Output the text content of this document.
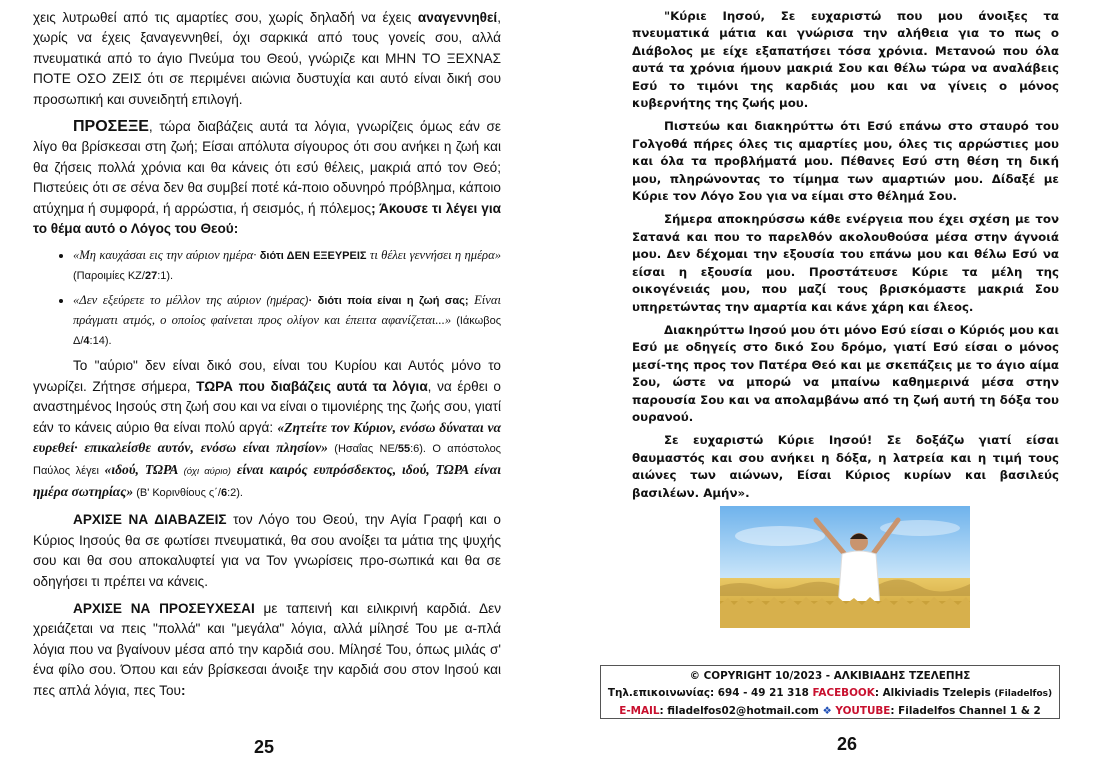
χεις λυτρωθεί από τις αμαρτίες σου, χωρίς δηλαδή να έχεις αναγεννηθεί, χωρίς να έχεις ξαναγεννηθεί, όχι σαρκικά από τους γονείς σου, αλλά πνευματικά από το άγιο Πνεύμα του Θεού, γνώριζε και ΜΗΝ ΤΟ ΞΕΧΝΑΣ ΠΟΤΕ ΟΣΟ ΖΕΙΣ ότι σε περιμένει αιώνια δυστυχία και αυτό είναι δική σου προσωπική και συνειδητή επιλογή.

ΠΡΟΣΕΞΕ, τώρα διαβάζεις αυτά τα λόγια, γνωρίζεις όμως εάν σε λίγο θα βρίσκεσαι στη ζωή; Είσαι απόλυτα σίγουρος ότι σου ανήκει η ζωή και θα ζήσεις πολλά χρόνια και θα κάνεις ότι εσύ θέλεις, μακριά από τον Θεό; Πιστεύεις ότι σε σένα δεν θα συμβεί ποτέ κά-ποιο οδυνηρό πρόβλημα, κάποιο ατύχημα ή συμφορά, ή αρρώστια, ή σεισμός, ή πόλεμος; Άκουσε τι λέγει για το θέμα αυτό ο Λόγος του Θεού:

• «Μη καυχάσαι εις την αύριον ημέρα· διότι ΔΕΝ ΕΞΕΥΡΕΙΣ τι θέλει γεννήσει η ημέρα» (Παροιμίες ΚΖ/27:1).
• «Δεν εξεύρετε το μέλλον της αύριον (ημέρας)· διότι ποία είναι η ζωή σας; Είναι πράγματι ατμός, ο οποίος φαίνεται προς ολίγον και έπειτα αφανίζεται...» (Ιάκωβος Δ/4:14).

Το "αύριο" δεν είναι δικό σου, είναι του Κυρίου και Αυτός μόνο το γνωρίζει. Ζήτησε σήμερα, ΤΩΡΑ που διαβάζεις αυτά τα λόγια, να έρθει ο αναστημένος Ιησούς στη ζωή σου και να είναι ο τιμονιέρης της ζωής σου, γιατί εάν το κάνεις αύριο θα είναι πολύ αργά: «Ζητείτε τον Κύριον, ενόσω δύναται να ευρεθεί· επικαλείσθε αυτόν, ενόσω είναι πλησίον» (Ησαΐας ΝΕ/55:6). Ο απόστολος Παύλος λέγει «ιδού, ΤΩΡΑ (όχι αύριο) είναι καιρός ευπρόσδεκτος, ιδού, ΤΩΡΑ είναι ημέρα σωτηρίας» (Β' Κορινθίους ς΄/6:2).

ΑΡΧΙΣΕ ΝΑ ΔΙΑΒΑΖΕΙΣ τον Λόγο του Θεού, την Αγία Γραφή και ο Κύριος Ιησούς θα σε φωτίσει πνευματικά, θα σου ανοίξει τα μάτια της ψυχής σου και θα σου αποκαλυφτεί για να Τον γνωρίσεις προ-σωπικά και θα σε οδηγήσει τι πρέπει να κάνεις.

ΑΡΧΙΣΕ ΝΑ ΠΡΟΣΕΥΧΕΣΑΙ με ταπεινή και ειλικρινή καρδιά. Δεν χρειάζεται να πεις "πολλά" και "μεγάλα" λόγια, αλλά μίλησέ Του με α-πλά λόγια που να βγαίνουν μέσα από την καρδιά σου. Μίλησέ Του, όπως μιλάς σ' ένα φίλο σου. Όπου και εάν βρίσκεσαι άνοιξε την καρδιά σου στον Ιησού και πες απλά λόγια, πες Του:

25

"Κύριε Ιησού, Σε ευχαριστώ που μου άνοιξες τα πνευματικά μάτια και γνώρισα την αλήθεια για το πως ο Διάβολος με είχε εξαπατήσει τόσα χρόνια. Μετανοώ που όλα αυτά τα χρόνια ήμουν μακριά Σου και θέλω τώρα να αναλάβεις Εσύ το τιμόνι της καρδιάς μου και να γίνεις ο μόνος κυβερνήτης της ζωής μου.

Πιστεύω και διακηρύττω ότι Εσύ επάνω στο σταυρό του Γολγοθά πήρες όλες τις αμαρτίες μου, όλες τις αρρώστιες μου και όλα τα προβλήματά μου. Πέθανες Εσύ στη θέση τη δική μου, πληρώνοντας το τίμημα των αμαρτιών μου. Δίδαξέ με Κύριε τον Λόγο Σου για να είμαι στο θέλημά Σου.

Σήμερα αποκηρύσσω κάθε ενέργεια που έχει σχέση με τον Σατανά και που το παρελθόν ακολουθούσα μέσα στην άγνοιά μου. Δεν δέχομαι την εξουσία του επάνω μου και θέλω Εσύ να είσαι η εξουσία μου. Προστάτευσε Κύριε τα μέλη της οικογένειάς μου, που μαζί τους βρισκόμαστε μακριά Σου υπηρετώντας την αμαρτία και κάνε χάρη και έλεος.

Διακηρύττω Ιησού μου ότι μόνο Εσύ είσαι ο Κύριός μου και Εσύ με οδηγείς στο δικό Σου δρόμο, γιατί Εσύ είσαι ο μόνος μεσί-της προς τον Πατέρα Θεό και με σκεπάζεις με το άγιο αίμα Σου, ώστε να μπορώ να μπαίνω καθημερινά μέσα στην παρουσία Σου και να απολαμβάνω από τη ζωή αυτή τη δόξα του ουρανού.

Σε ευχαριστώ Κύριε Ιησού! Σε δοξάζω γιατί είσαι θαυμαστός και σου ανήκει η δόξα, η λατρεία και η τιμή τους αιώνες των αιώνων, Είσαι Κύριος κυρίων και βασιλεύς βασιλέων. Αμήν».

© COPYRIGHT 10/2023 - ΑΛΚΙΒΙΑΔΗΣ ΤΖΕΛΕΠΗΣ
Τηλ.επικοινωνίας: 694 - 49 21 318 FACEBOOK: Alkiviadis Tzelepis (Filadelfos)
E-MAIL: filadelfos02@hotmail.com ❖ YOUTUBE: Filadelfos Channel 1 & 2
26
